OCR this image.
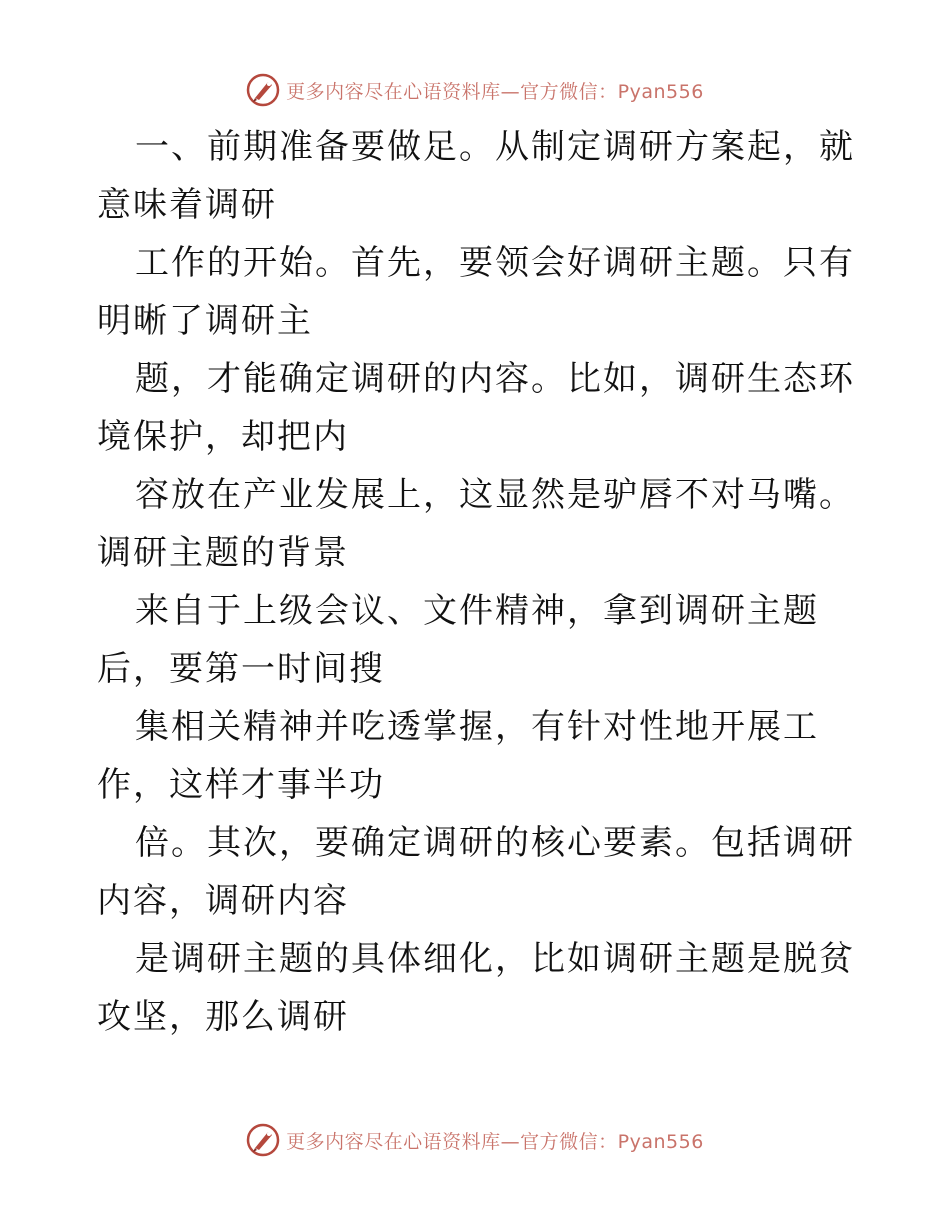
更多内容尽在心语资料库—官方微信：Pyan556

一、前期准备要做足。从制定调研方案起，就意味着调研

工作的开始。首先，要领会好调研主题。只有明晰了调研主

题，才能确定调研的内容。比如，调研生态环境保护，却把内

容放在产业发展上，这显然是驴唇不对马嘴。调研主题的背景

来自于上级会议、文件精神，拿到调研主题后，要第一时间搜

集相关精神并吃透掌握，有针对性地开展工作，这样才事半功

倍。其次，要确定调研的核心要素。包括调研内容，调研内容

是调研主题的具体细化，比如调研主题是脱贫攻坚，那么调研

更多内容尽在心语资料库—官方微信：Pyan556
